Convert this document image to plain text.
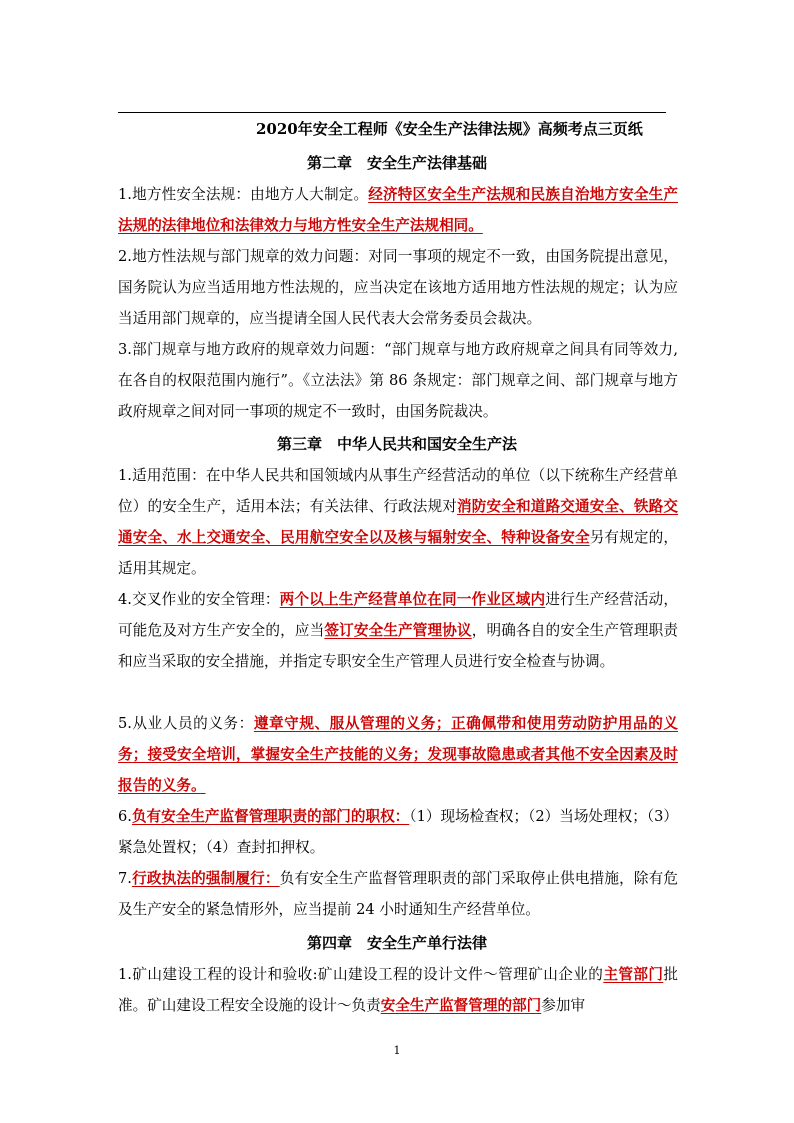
2020年安全工程师《安全生产法律法规》高频考点三页纸
第二章　安全生产法律基础
1.地方性安全法规：由地方人大制定。经济特区安全生产法规和民族自治地方安全生产法规的法律地位和法律效力与地方性安全生产法规相同。
2.地方性法规与部门规章的效力问题：对同一事项的规定不一致，由国务院提出意见，国务院认为应当适用地方性法规的，应当决定在该地方适用地方性法规的规定；认为应当适用部门规章的，应当提请全国人民代表大会常务委员会裁决。
3.部门规章与地方政府的规章效力问题：“部门规章与地方政府规章之间具有同等效力,在各自的权限范围内施行”。《立法法》第 86 条规定：部门规章之间、部门规章与地方政府规章之间对同一事项的规定不一致时，由国务院裁决。
第三章　中华人民共和国安全生产法
1.适用范围：在中华人民共和国领域内从事生产经营活动的单位（以下统称生产经营单位）的安全生产，适用本法；有关法律、行政法规对消防安全和道路交通安全、铁路交通安全、水上交通安全、民用航空安全以及核与辐射安全、特种设备安全另有规定的，适用其规定。
4.交叉作业的安全管理：两个以上生产经营单位在同一作业区域内进行生产经营活动，可能危及对方生产安全的，应当签订安全生产管理协议，明确各自的安全生产管理职责和应当采取的安全措施，并指定专职安全生产管理人员进行安全检查与协调。
5.从业人员的义务：遵章守规、服从管理的义务；正确佩带和使用劳动防护用品的义务；接受安全培训，掌握安全生产技能的义务；发现事故隐患或者其他不安全因素及时报告的义务。
6.负有安全生产监督管理职责的部门的职权：（1）现场检查权；（2）当场处理权；（3）紧急处置权；（4）查封扣押权。
7.行政执法的强制履行：负有安全生产监督管理职责的部门采取停止供电措施，除有危及生产安全的紧急情形外，应当提前 24 小时通知生产经营单位。
第四章　安全生产单行法律
1.矿山建设工程的设计和验收:矿山建设工程的设计文件～管理矿山企业的主管部门批准。矿山建设工程安全设施的设计～负责安全生产监督管理的部门参加审
1
